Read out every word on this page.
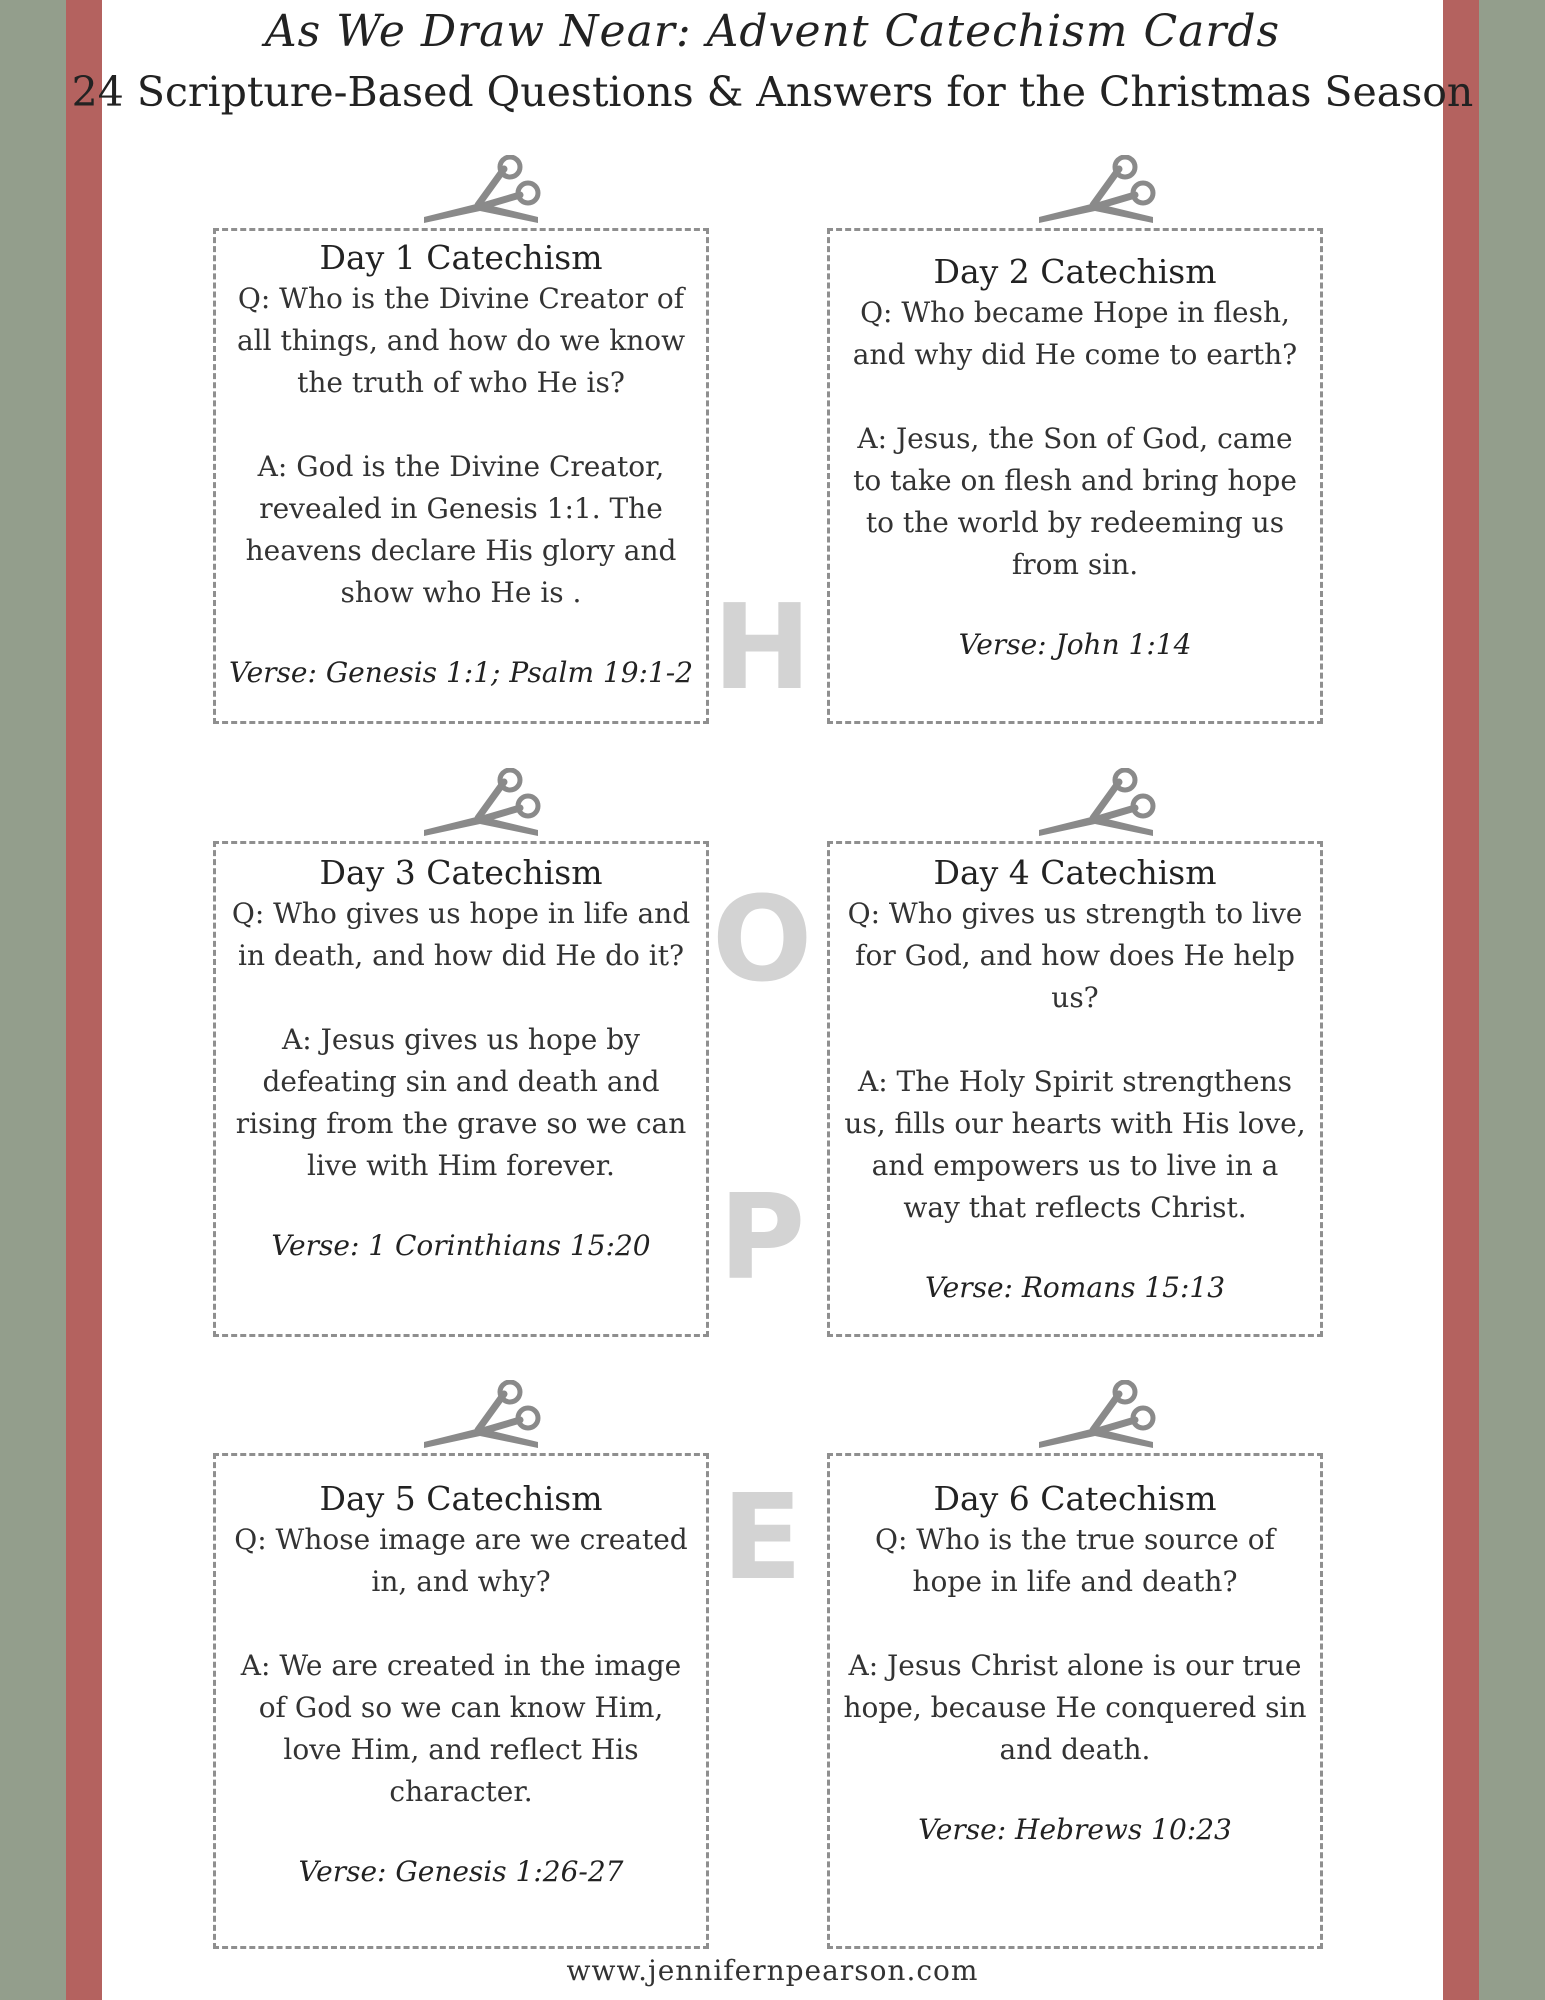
As We Draw Near: Advent Catechism Cards
24 Scripture-Based Questions & Answers for the Christmas Season
H
O
P
E
Day 1 Catechism

Q: Who is the Divine Creator of all things, and how do we know the truth of who He is?

A: God is the Divine Creator, revealed in Genesis 1:1. The heavens declare His glory and show who He is .

Verse: Genesis 1:1; Psalm 19:1-2
Day 2 Catechism

Q: Who became Hope in flesh, and why did He come to earth?

A: Jesus, the Son of God, came to take on flesh and bring hope to the world by redeeming us from sin.

Verse: John 1:14
Day 3 Catechism

Q: Who gives us hope in life and in death, and how did He do it?

A: Jesus gives us hope by defeating sin and death and rising from the grave so we can live with Him forever.

Verse: 1 Corinthians 15:20
Day 4 Catechism

Q: Who gives us strength to live for God, and how does He help us?

A: The Holy Spirit strengthens us, fills our hearts with His love, and empowers us to live in a way that reflects Christ.

Verse: Romans 15:13
Day 5 Catechism

Q: Whose image are we created in, and why?

A: We are created in the image of God so we can know Him, love Him, and reflect His character.

Verse: Genesis 1:26-27
Day 6 Catechism

Q: Who is the true source of hope in life and death?

A: Jesus Christ alone is our true hope, because He conquered sin and death.

Verse: Hebrews 10:23
www.jennifernpearson.com
